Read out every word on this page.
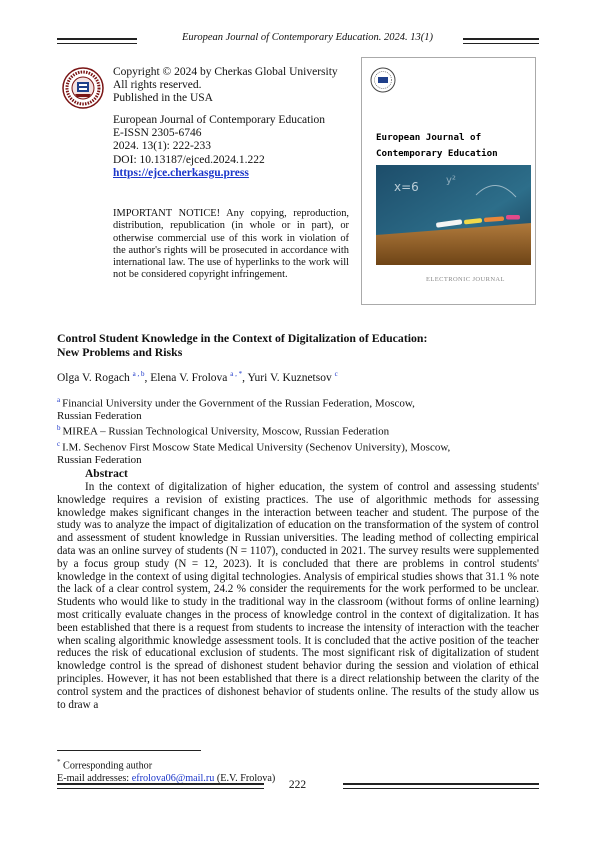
European Journal of Contemporary Education. 2024. 13(1)
Copyright © 2024 by Cherkas Global University
All rights reserved.
Published in the USA
European Journal of Contemporary Education
E-ISSN 2305-6746
2024. 13(1): 222-233
DOI: 10.13187/ejced.2024.1.222
https://ejce.cherkasgu.press
IMPORTANT NOTICE! Any copying, reproduction, distribution, republication (in whole or in part), or otherwise commercial use of this work in violation of the author's rights will be prosecuted in accordance with international law. The use of hyperlinks to the work will not be considered copyright infringement.
European Journal of
Contemporary Education
x=6	y²
ELECTRONIC JOURNAL
Control Student Knowledge in the Context of Digitalization of Education:
New Problems and Risks
Olga V. Rogach $^{a , b}$, Elena V. Frolova $^{a , *}$, Yuri V. Kuznetsov $^c$
$^a$ Financial University under the Government of the Russian Federation, Moscow,
Russian Federation
$^b$ MIREA – Russian Technological University, Moscow, Russian Federation
$^c$ I.M. Sechenov First Moscow State Medical University (Sechenov University), Moscow,
Russian Federation
Abstract
In the context of digitalization of higher education, the system of control and assessing students' knowledge requires a revision of existing practices. The use of algorithmic methods for assessing knowledge makes significant changes in the interaction between teacher and student. The purpose of the study was to analyze the impact of digitalization of education on the transformation of the system of control and assessment of student knowledge in Russian universities. The leading method of collecting empirical data was an online survey of students (N = 1107), conducted in 2021. The survey results were supplemented by a focus group study (N = 12, 2023). It is concluded that there are problems in control students' knowledge in the context of using digital technologies. Analysis of empirical studies shows that 31.1 % note the lack of a clear control system, 24.2 % consider the requirements for the work performed to be unclear. Students who would like to study in the traditional way in the classroom (without forms of online learning) most critically evaluate changes in the process of knowledge control in the context of digitalization. It has been established that there is a request from students to increase the intensity of interaction with the teacher when scaling algorithmic knowledge assessment tools. It is concluded that the active position of the teacher reduces the risk of educational exclusion of students. The most significant risk of digitalization of student knowledge control is the spread of dishonest student behavior during the session and violation of ethical principles. However, it has not been established that there is a direct relationship between the clarity of the control system and the practices of dishonest behavior of students online. The results of the study allow us to draw a
* Corresponding author
E-mail addresses: efrolova06@mail.ru (E.V. Frolova)
222
